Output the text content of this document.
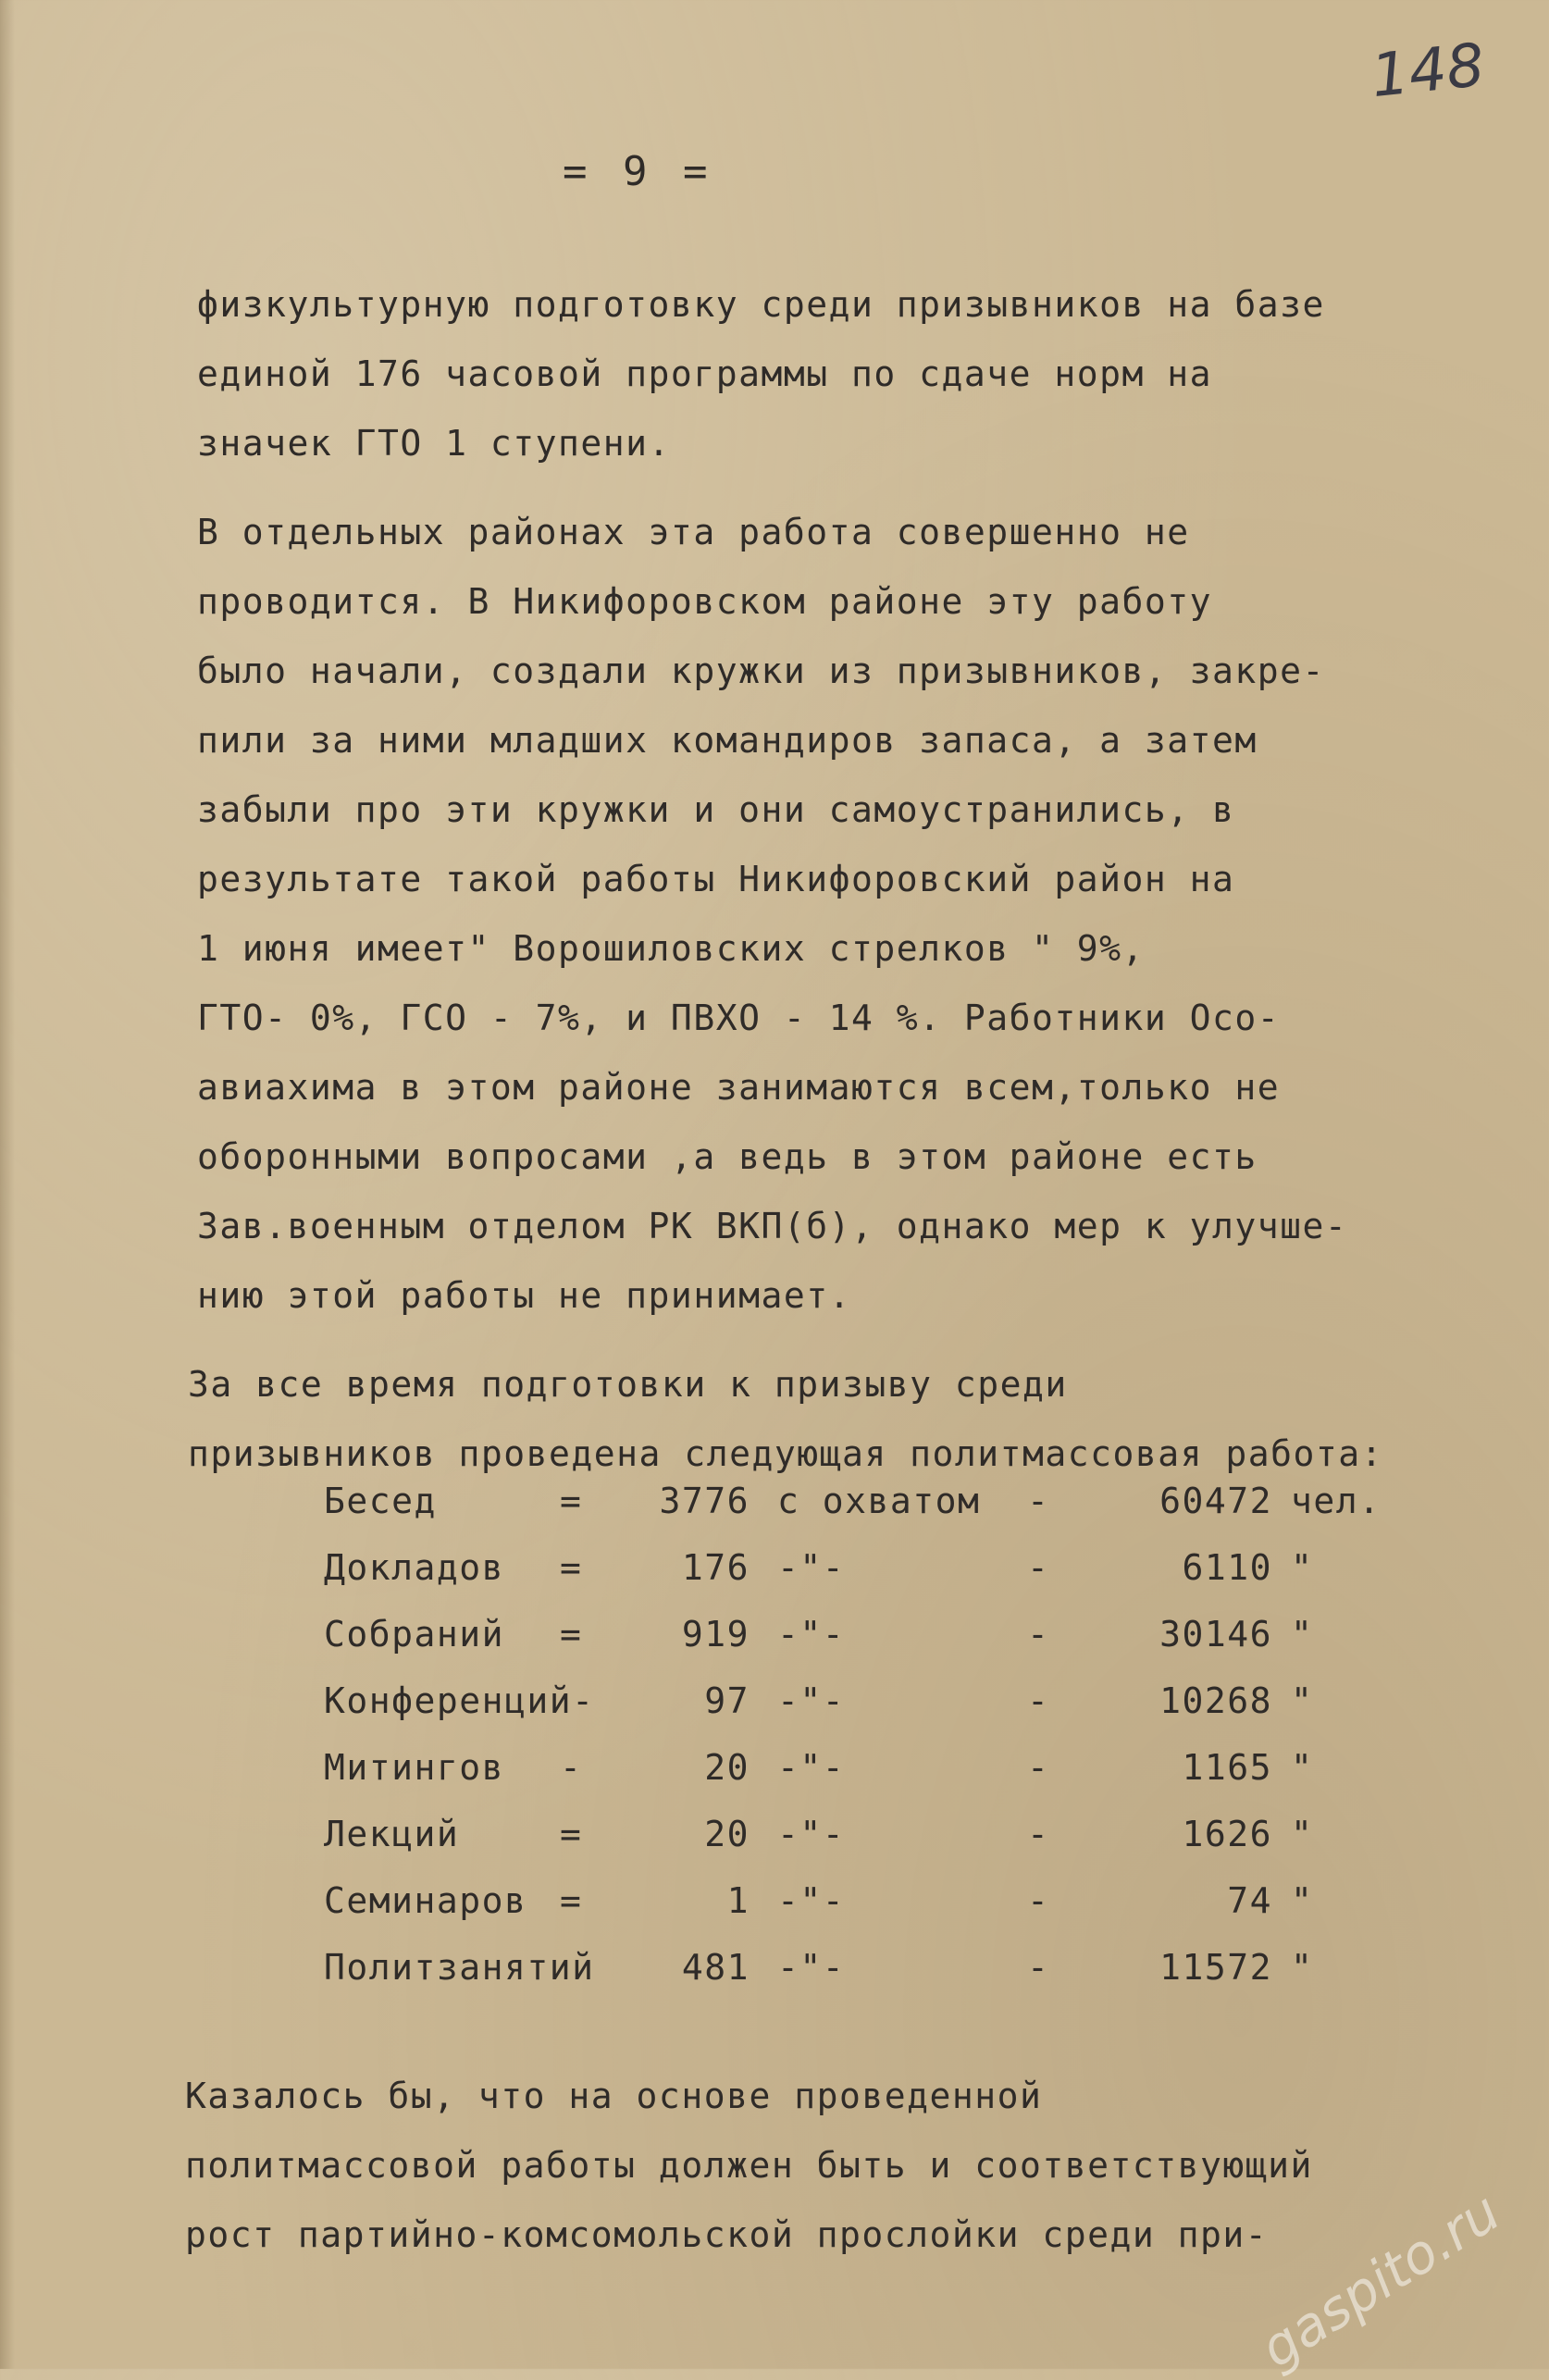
148
= 9 =
физкультурную подготовку среди призывников на базе
единой 176 часовой программы по сдаче норм на
значек ГТО 1 ступени.
В отдельных районах эта работа совершенно не
проводится. В Никифоровском районе эту работу
было начали, создали кружки из призывников, закре-
пили за ними младших командиров запаса, а затем
забыли про эти кружки и они самоустранились, в
результате такой работы Никифоровский район на
1 июня имеет" Ворошиловских стрелков " 9%,
ГТО- 0%, ГСО - 7%, и ПВХО - 14 %. Работники Осо-
авиахима в этом районе занимаются всем,только не
оборонными вопросами ,а ведь в этом районе есть
Зав.военным отделом РК ВКП(б), однако мер к улучше-
нию этой работы не принимает.
За все время подготовки к призыву среди
призывников проведена следующая политмассовая работа:
Бесед	=	3776 с охватом -	60472 чел.
Докладов =	176 -"-	-	6110 "
Собраний =	919 -"-	-	30146 "
Конференций-	97 -"-	-	10268 "
Митингов -	20 -"-	-	1165 "
Лекций	=	20 -"-	-	1626 "
Семинаров =	1 -"-	-	74 "
Политзанятий	481 -"-	-	11572 "
Казалось бы, что на основе проведенной
политмассовой работы должен быть и соответствующий
рост партийно-комсомольской прослойки среди при-
gaspito.ru
